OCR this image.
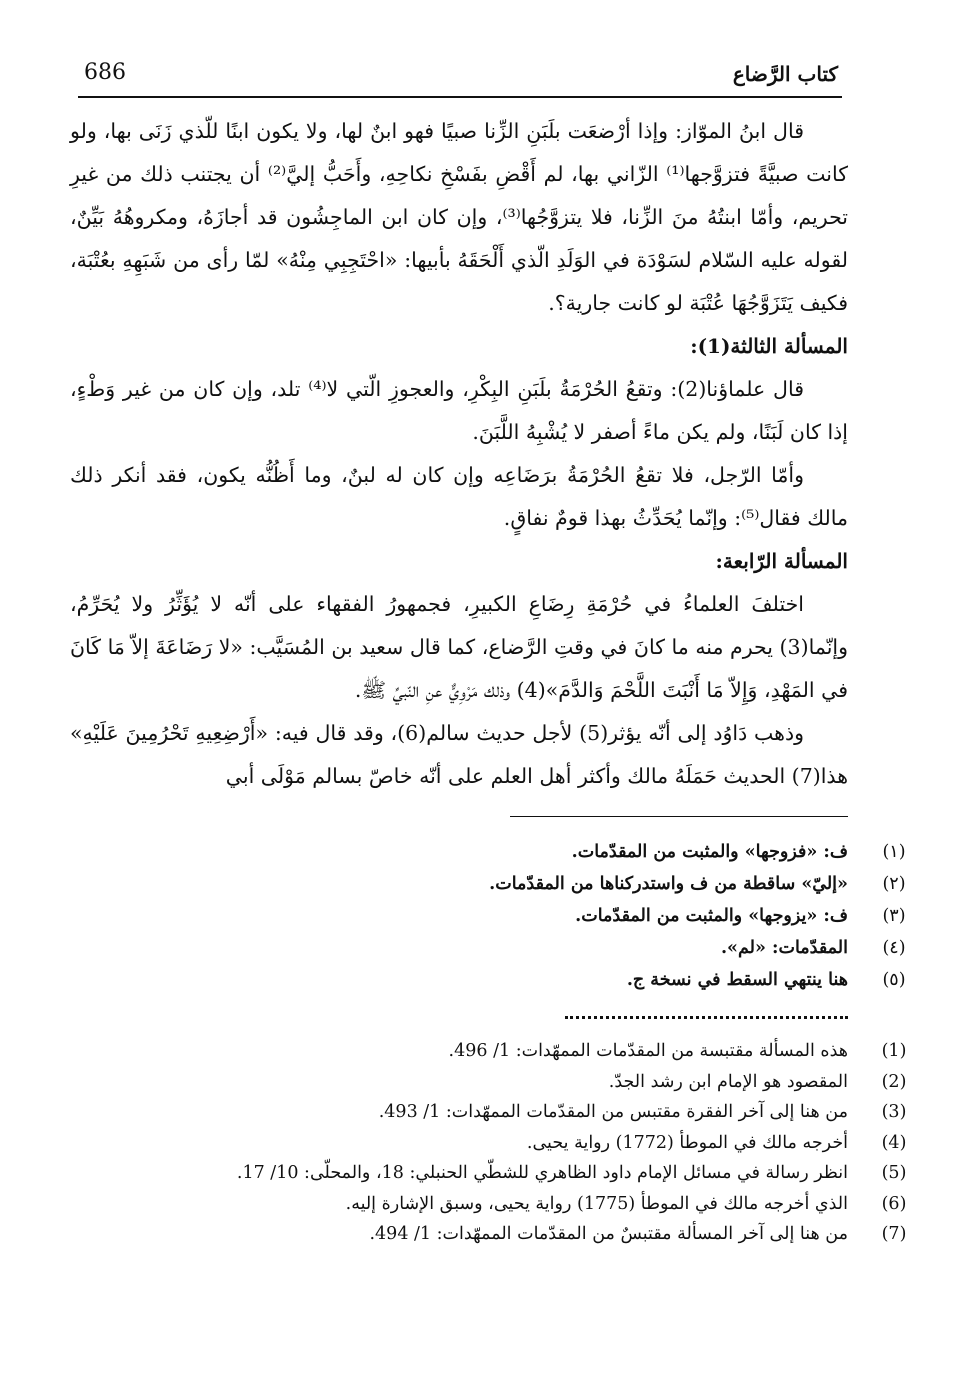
686	كتاب الرَّضاع

قال ابنُ الموّاز: وإذا أرْضعَت بلَبَنِ الزِّنا صبيًا فهو ابنٌ لها، ولا يكون ابنًا للّذي زَنَى بها، ولو كانت صبيَّةً فتزوَّجها⁽¹⁾ الزّاني بها، لم أَقْضِ بفَسْخِ نكاحِهِ، وأَحَبُّ إليَّ⁽²⁾ أن يجتنب ذلك من غيرِ تحريم، وأمّا ابنتُهُ منَ الزِّنا، فلا يتزوَّجُها⁽³⁾، وإن كان ابن الماجِشُون قد أجازَهُ، ومكروهُهُ بَيِّنٌ، لقوله عليه السّلام لسَوْدَة في الوَلَدِ الّذي أَلْحَقَهُ بأبيها: «احْتَجِبِي مِنْهُ» لمّا رأى من شَبَهِهِ بعُتْبَة، فكيف يَتَزَوَّجُهَا عُتْبَة لو كانت جارية؟.

المسألة الثالثة(1):

قال علماؤنا(2): وتقعُ الحُرْمَةُ بلَبَنِ البِكْرِ، والعجوزِ الّتي لا⁽⁴⁾ تلد، وإن كان من غير وَطْءٍ، إذا كان لَبَنًا، ولم يكن ماءً أصفر لا يُشْبِهُ اللَّبَنَ.

وأمّا الرّجل، فلا تقعُ الحُرْمَةُ برَضَاعِه وإن كان له لبنٌ، وما أَظُنُّه يكون، فقد أنكر ذلك مالك فقال⁽⁵⁾: وإنّما يُحَدِّثُ بهذا قومٌ نفاقٍ.

المسألة الرّابعة:

اختلفَ العلماءُ في حُرْمَةِ رِضَاعِ الكبيرِ، فجمهورُ الفقهاء على أنّه لا يُؤَثِّرُ ولا يُحَرِّمُ، وإنّما(3) يحرم منه ما كانَ في وقتِ الرَّضاع، كما قال سعيد بن المُسَيَّب: «لا رَضَاعَةَ إلاّ مَا كَانَ في المَهْدِ، وَإِلاّ مَا أَنْبَتَ اللَّحْمَ وَالدَّمَ»(4) وذلك مَرْوِيٌّ عنِ النّبيِّ ﷺ.

وذهب دَاوُد إلى أنّه يؤثر(5) لأجل حديث سالم(6)، وقد قال فيه: «أَرْضِعِيهِ تَحْرُمِينَ عَلَيْهِ» هذا(7) الحديث حَمَلَهُ مالك وأكثر أهل العلم على أنّه خاصّ بسالم مَوْلَى أبي

(١)
ف: «فزوجها» والمثبت من المقدّمات.
(٢)
«إليّ» ساقطة من ف واستدركناها من المقدّمات.
(٣)
ف: «يزوجها» والمثبت من المقدّمات.
(٤)
المقدّمات: «لم».
(٥)
هنا ينتهي السقط في نسخة ج.
(1)
هذه المسألة مقتبسة من المقدّمات الممهّدات: 1/ 496.
(2)
المقصود هو الإمام ابن رشد الجدّ.
(3)
من هنا إلى آخر الفقرة مقتبس من المقدّمات الممهّدات: 1/ 493.
(4)
أخرجه مالك في الموطأ (1772) رواية يحيى.
(5)
انظر رسالة في مسائل الإمام داود الظاهري للشطّي الحنبلي: 18، والمحلّى: 10/ 17.
(6)
الذي أخرجه مالك في الموطأ (1775) رواية يحيى، وسبق الإشارة إليه.
(7)
من هنا إلى آخر المسألة مقتبسٌ من المقدّمات الممهّدات: 1/ 494.
